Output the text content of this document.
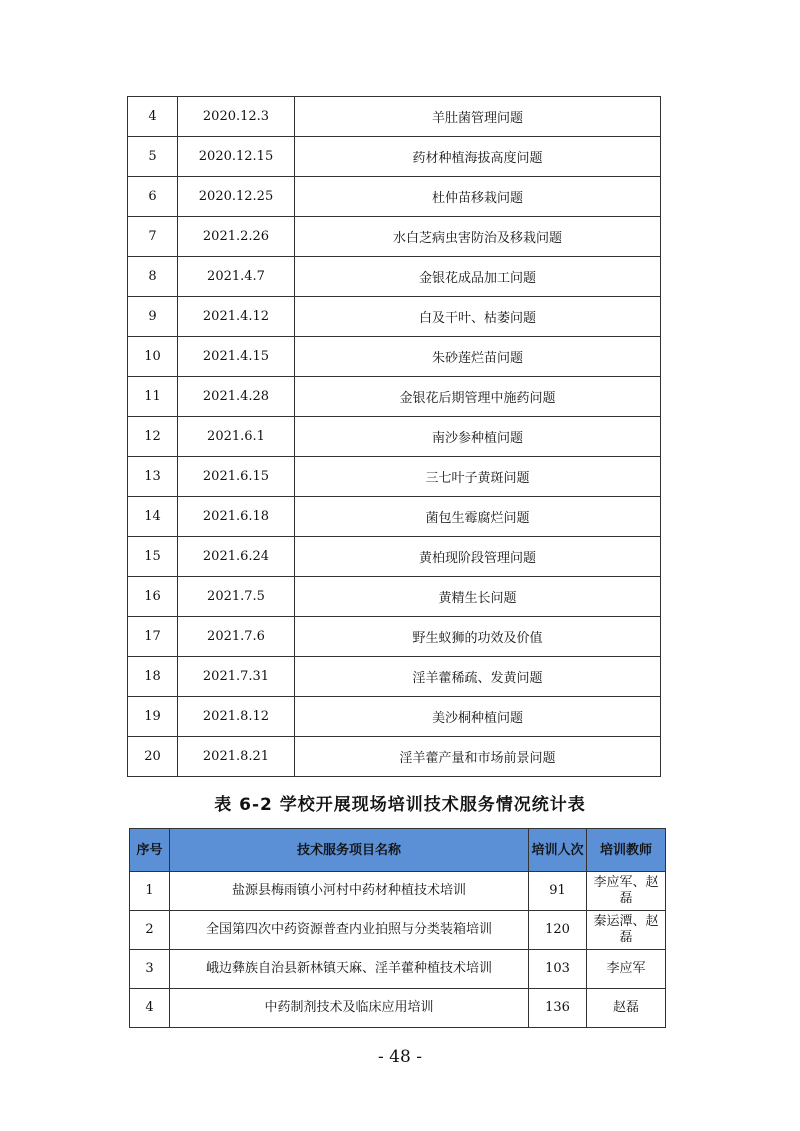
4	2020.12.3	羊肚菌管理问题
5	2020.12.15	药材种植海拔高度问题
6	2020.12.25	杜仲苗移栽问题
7	2021.2.26	水白芝病虫害防治及移栽问题
8	2021.4.7	金银花成品加工问题
9	2021.4.12	白及干叶、枯萎问题
10	2021.4.15	朱砂莲烂苗问题
11	2021.4.28	金银花后期管理中施药问题
12	2021.6.1	南沙参种植问题
13	2021.6.15	三七叶子黄斑问题
14	2021.6.18	菌包生霉腐烂问题
15	2021.6.24	黄柏现阶段管理问题
16	2021.7.5	黄精生长问题
17	2021.7.6	野生蚁狮的功效及价值
18	2021.7.31	淫羊藿稀疏、发黄问题
19	2021.8.12	美沙桐种植问题
20	2021.8.21	淫羊藿产量和市场前景问题
表 6-2 学校开展现场培训技术服务情况统计表
序号	技术服务项目名称	培训人次	培训教师
1	盐源县梅雨镇小河村中药材种植技术培训	91	李应军、赵磊
2	全国第四次中药资源普查内业拍照与分类装箱培训	120	秦运潭、赵磊
3	峨边彝族自治县新林镇天麻、淫羊藿种植技术培训	103	李应军
4	中药制剂技术及临床应用培训	136	赵磊
- 48 -
